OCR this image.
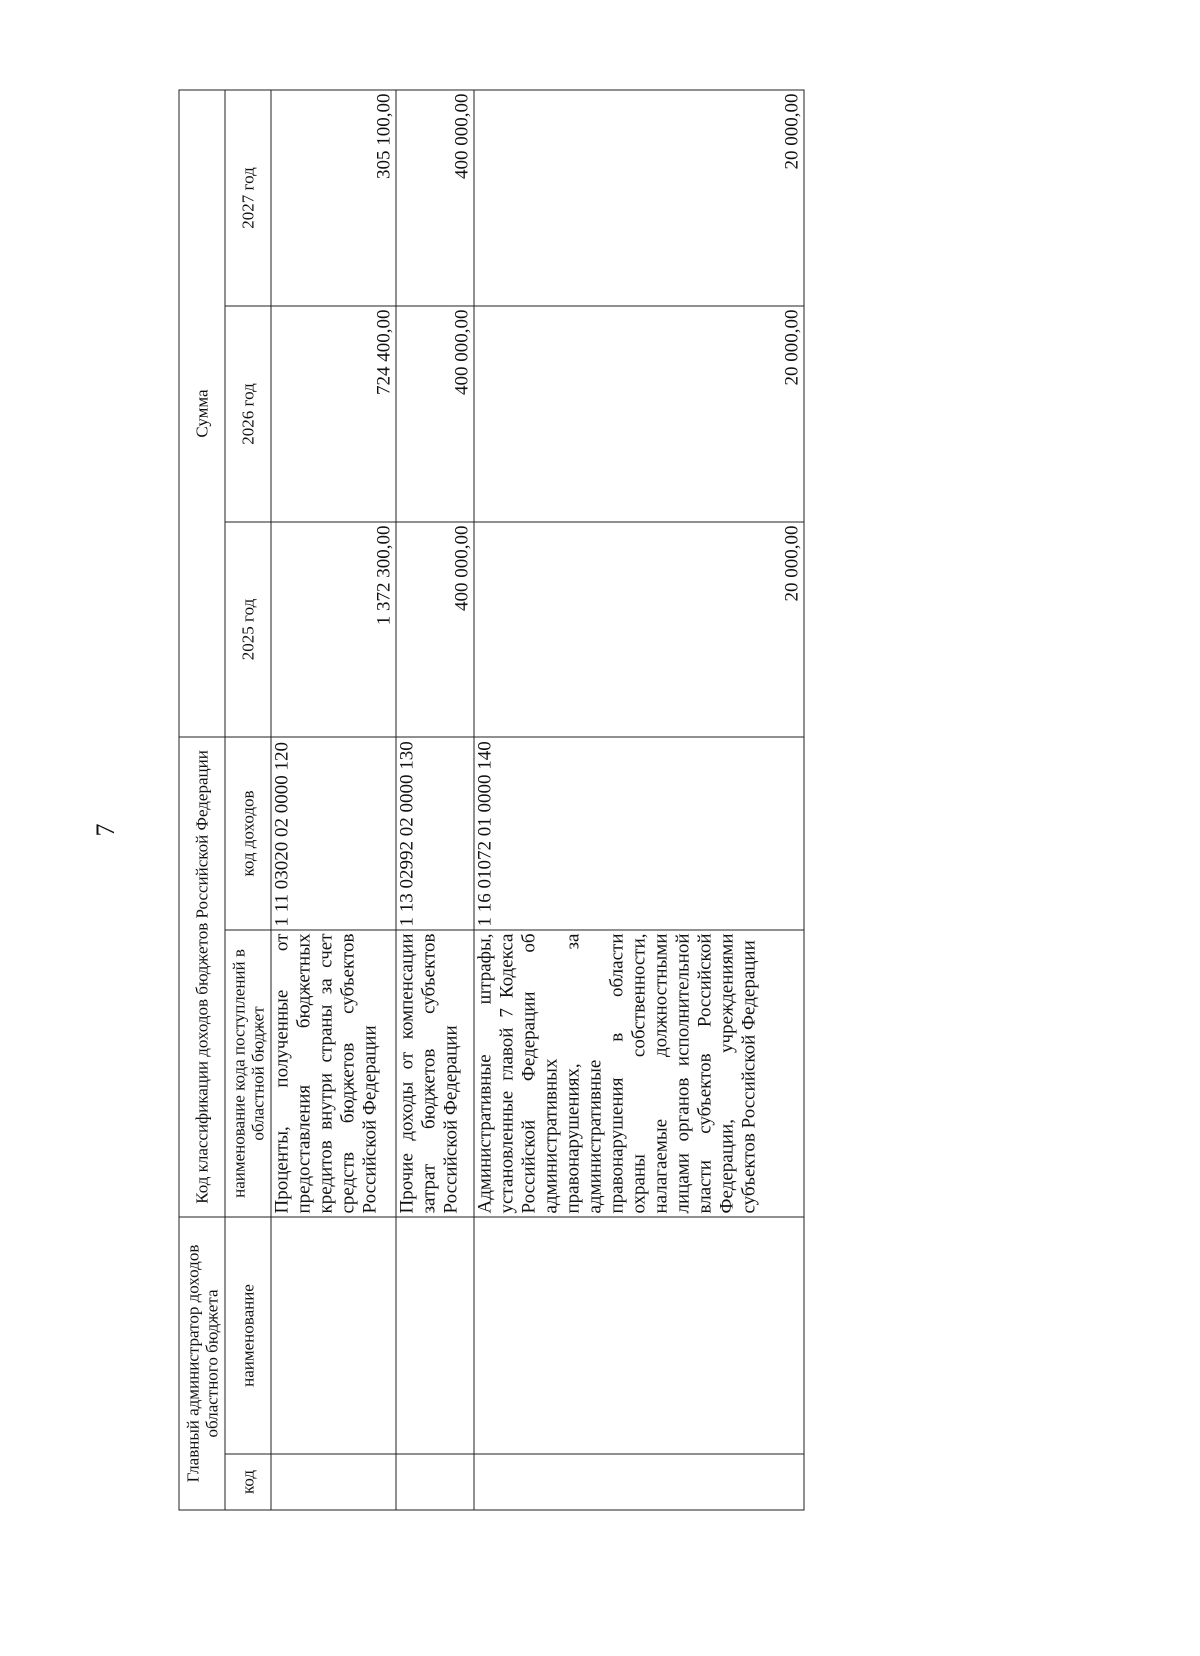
7
Главный администратор доходов областного бюджета		Код классификации доходов бюджетов Российской Федерации		Сумма		
код	наименование	наименование кода поступлений в областной бюджет	код доходов	2025 год	2026 год	2027 год
		Проценты, полученные от предоставления бюджетных кредитов внутри страны за счет средств бюджетов субъектов Российской Федерации	1 11 03020 02 0000 120	1 372 300,00	724 400,00	305 100,00
		Прочие доходы от компенсации затрат бюджетов субъектов Российской Федерации	1 13 02992 02 0000 130	400 000,00	400 000,00	400 000,00
		Административные штрафы, установленные главой 7 Кодекса Российской Федерации об административных правонарушениях, за административные правонарушения в области охраны собственности, налагаемые должностными лицами органов исполнительной власти субъектов Российской Федерации, учреждениями субъектов Российской Федерации	1 16 01072 01 0000 140	20 000,00	20 000,00	20 000,00
